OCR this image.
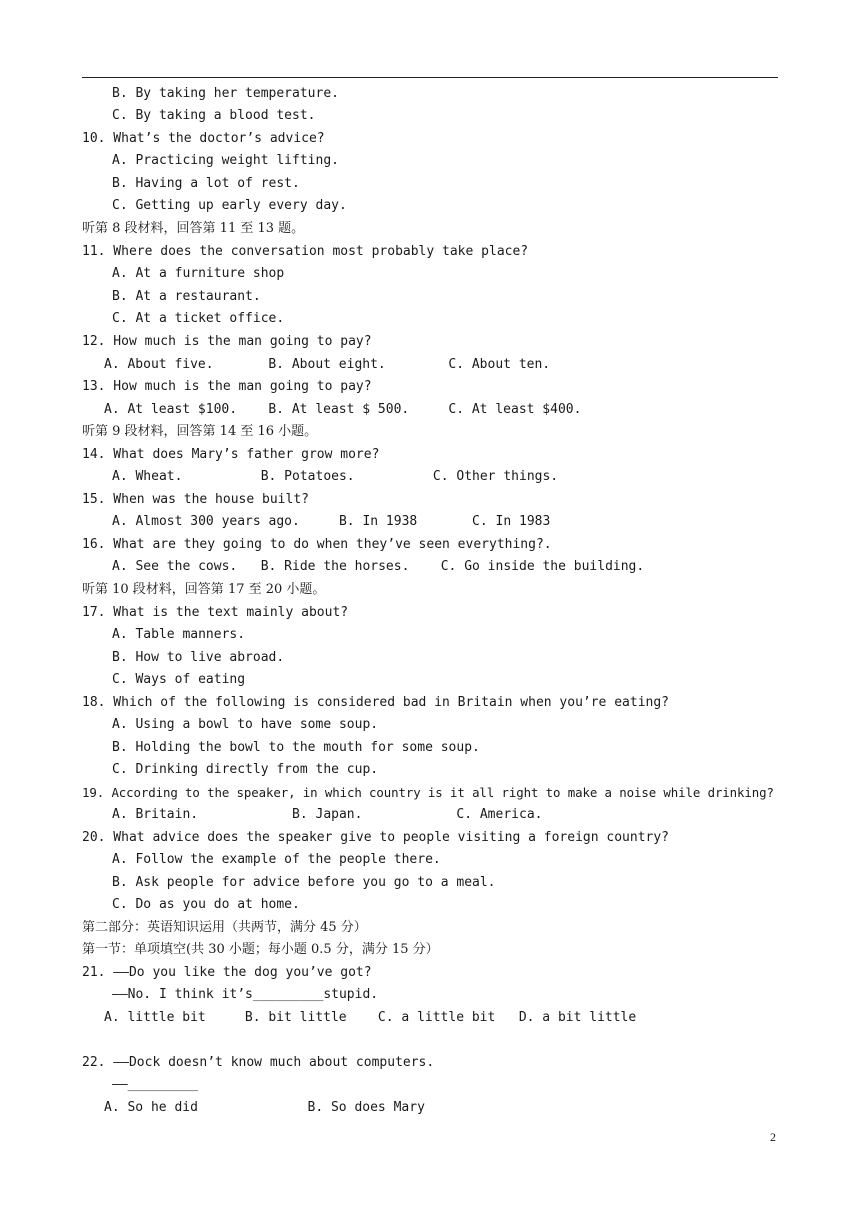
B. By taking her temperature.
C. By taking a blood test.
10. What’s the doctor’s advice?
A. Practicing weight lifting.
B. Having a lot of rest.
C. Getting up early every day.
听第 8 段材料，回答第 11 至 13 题。
11. Where does the conversation most probably take place?
A. At a furniture shop
B. At a restaurant.
C. At a ticket office.
12. How much is the man going to pay?
A. About five.       B. About eight.        C. About ten.
13. How much is the man going to pay?
A. At least $100.    B. At least $ 500.     C. At least $400.
听第 9 段材料，回答第 14 至 16 小题。
14. What does Mary’s father grow more?
A. Wheat.          B. Potatoes.          C. Other things.
15. When was the house built?
A. Almost 300 years ago.     B. In 1938       C. In 1983
16. What are they going to do when they’ve seen everything?.
A. See the cows.   B. Ride the horses.    C. Go inside the building.
听第 10 段材料，回答第 17 至 20 小题。
17. What is the text mainly about?
A. Table manners.
B. How to live abroad.
C. Ways of eating
18. Which of the following is considered bad in Britain when you’re eating?
A. Using a bowl to have some soup.
B. Holding the bowl to the mouth for some soup.
C. Drinking directly from the cup.
19. According to the speaker, in which country is it all right to make a noise while drinking?
A. Britain.            B. Japan.            C. America.
20. What advice does the speaker give to people visiting a foreign country?
A. Follow the example of the people there.
B. Ask people for advice before you go to a meal.
C. Do as you do at home.
第二部分：英语知识运用（共两节，满分 45 分）
第一节：单项填空(共 30 小题；每小题 0.5 分，满分 15 分）
21. ——Do you like the dog you’ve got?
——No. I think it’s_________stupid.
A. little bit     B. bit little    C. a little bit   D. a bit little
22. ——Dock doesn’t know much about computers.
——_________
A. So he did              B. So does Mary
2
